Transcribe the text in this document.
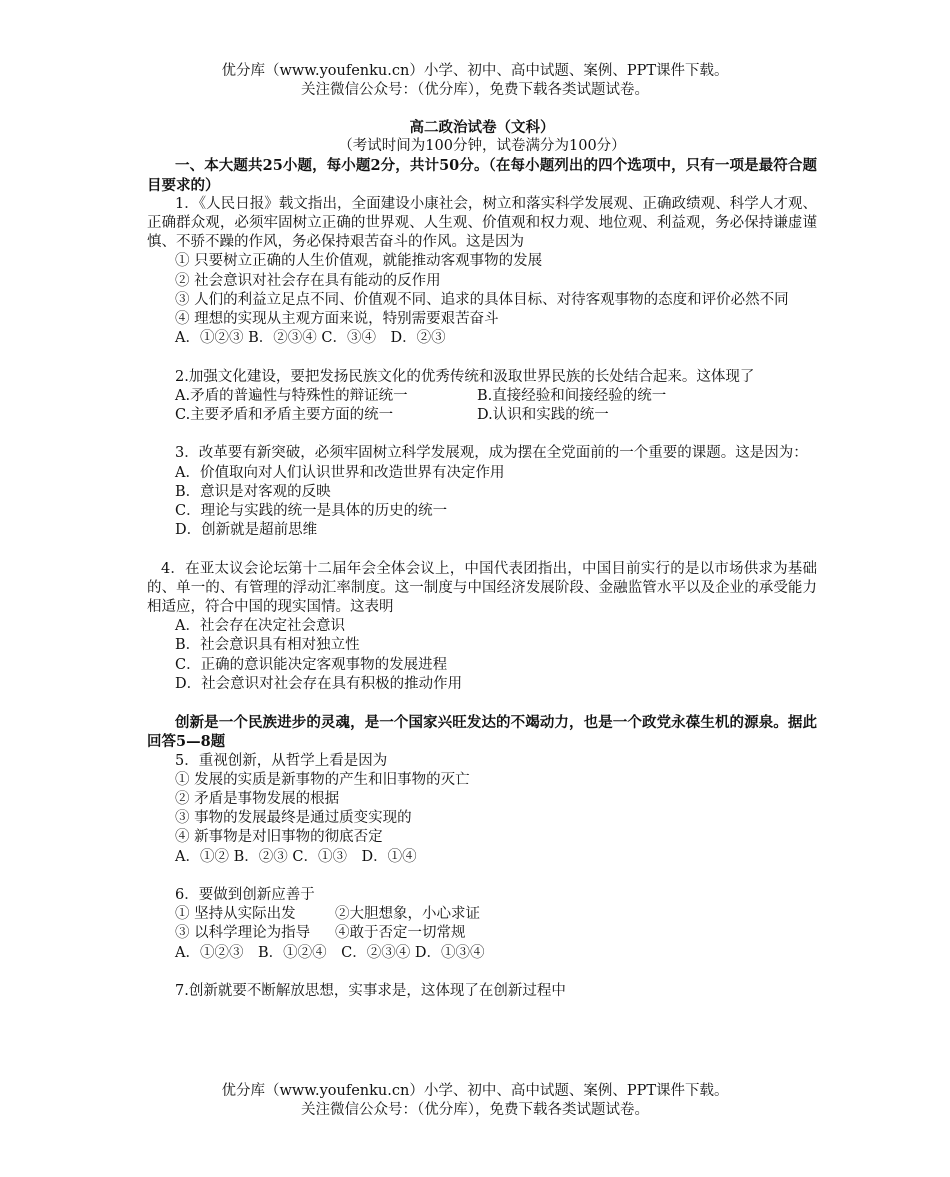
优分库（www.youfenku.cn）小学、初中、高中试题、案例、PPT课件下载。
关注微信公众号：（优分库），免费下载各类试题试卷。
高二政治试卷（文科）
（考试时间为100分钟，试卷满分为100分）
一、本大题共25小题，每小题2分，共计50分。（在每小题列出的四个选项中，只有一项是最符合题目要求的）
1．《人民日报》载文指出，全面建设小康社会，树立和落实科学发展观、正确政绩观、科学人才观、正确群众观，必须牢固树立正确的世界观、人生观、价值观和权力观、地位观、利益观，务必保持谦虚谨慎、不骄不躁的作风，务必保持艰苦奋斗的作风。这是因为
① 只要树立正确的人生价值观，就能推动客观事物的发展
② 社会意识对社会存在具有能动的反作用
③ 人们的利益立足点不同、价值观不同、追求的具体目标、对待客观事物的态度和评价必然不同
④ 理想的实现从主观方面来说，特别需要艰苦奋斗
A．①②③ B．②③④ C．③④　D．②③
2.加强文化建设，要把发扬民族文化的优秀传统和汲取世界民族的长处结合起来。这体现了
A.矛盾的普遍性与特殊性的辩证统一	B.直接经验和间接经验的统一
C.主要矛盾和矛盾主要方面的统一	D.认识和实践的统一
3．改革要有新突破，必须牢固树立科学发展观，成为摆在全党面前的一个重要的课题。这是因为：
A．价值取向对人们认识世界和改造世界有决定作用
B．意识是对客观的反映
C．理论与实践的统一是具体的历史的统一
D．创新就是超前思维
4．在亚太议会论坛第十二届年会全体会议上，中国代表团指出，中国目前实行的是以市场供求为基础的、单一的、有管理的浮动汇率制度。这一制度与中国经济发展阶段、金融监管水平以及企业的承受能力相适应，符合中国的现实国情。这表明
A．社会存在决定社会意识
B．社会意识具有相对独立性
C．正确的意识能决定客观事物的发展进程
D．社会意识对社会存在具有积极的推动作用
创新是一个民族进步的灵魂，是一个国家兴旺发达的不竭动力，也是一个政党永葆生机的源泉。据此回答5—8题
5．重视创新，从哲学上看是因为
① 发展的实质是新事物的产生和旧事物的灭亡
② 矛盾是事物发展的根据
③ 事物的发展最终是通过质变实现的
④ 新事物是对旧事物的彻底否定
A．①② B．②③ C．①③　D．①④
6．要做到创新应善于
① 坚持从实际出发	②大胆想象，小心求证
③ 以科学理论为指导	④敢于否定一切常规
A．①②③　B．①②④　C．②③④ D．①③④
7.创新就要不断解放思想，实事求是，这体现了在创新过程中
优分库（www.youfenku.cn）小学、初中、高中试题、案例、PPT课件下载。
关注微信公众号：（优分库），免费下载各类试题试卷。
